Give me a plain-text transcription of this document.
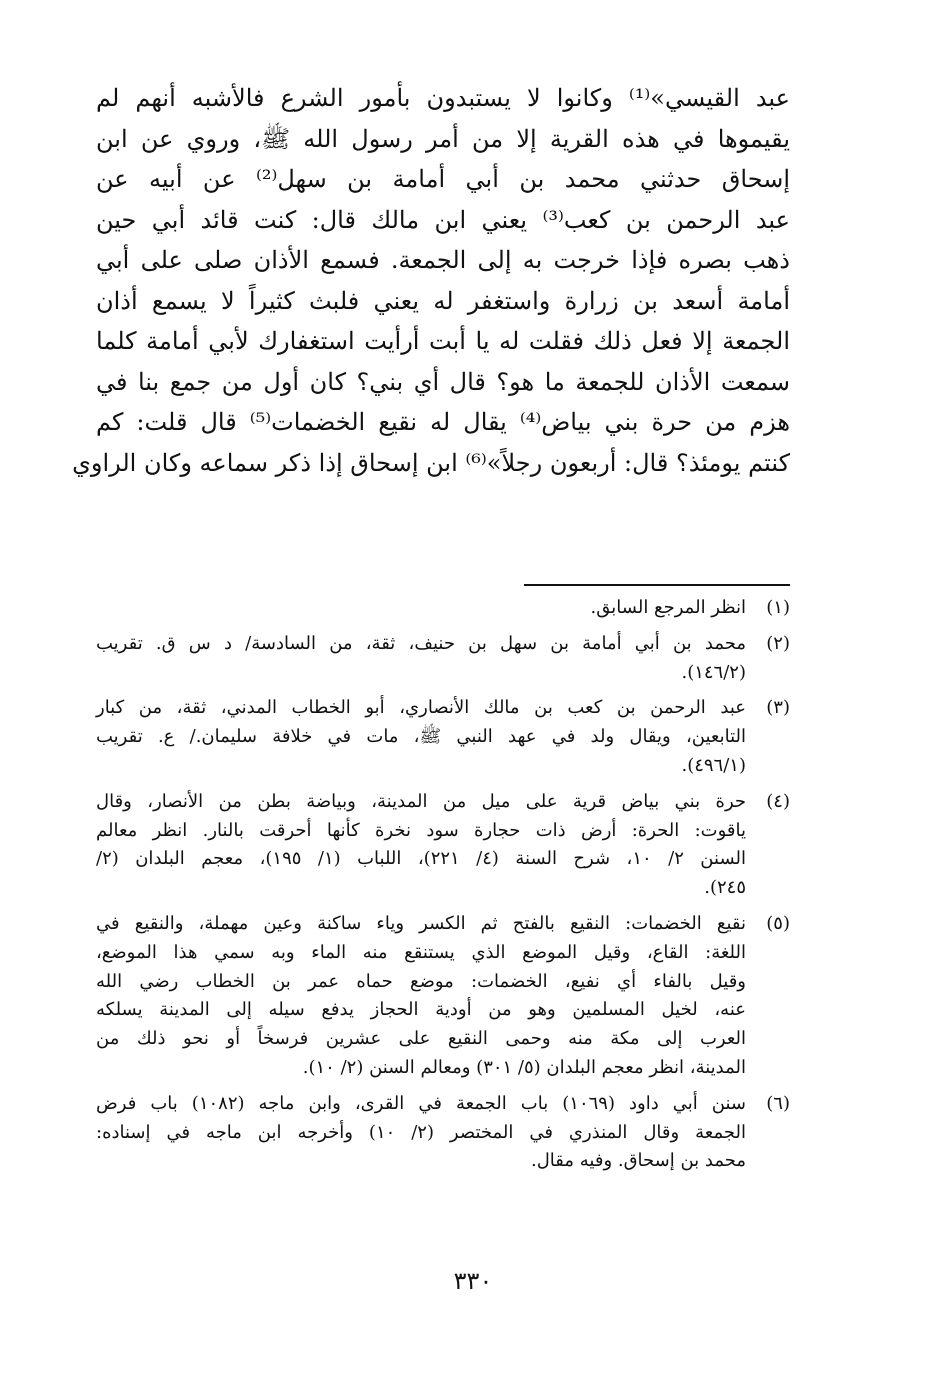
عبد القيسي»⁽¹⁾ وكانوا لا يستبدون بأمور الشرع فالأشبه أنهم لم
يقيموها في هذه القرية إلا من أمر رسول الله ﷺ، وروي عن ابن
إسحاق حدثني محمد بن أبي أمامة بن سهل⁽²⁾ عن أبيه عن
عبد الرحمن بن كعب⁽³⁾ يعني ابن مالك قال: كنت قائد أبي حين
ذهب بصره فإذا خرجت به إلى الجمعة. فسمع الأذان صلى على أبي
أمامة أسعد بن زرارة واستغفر له يعني فلبث كثيراً لا يسمع أذان
الجمعة إلا فعل ذلك فقلت له يا أبت أرأيت استغفارك لأبي أمامة كلما
سمعت الأذان للجمعة ما هو؟ قال أي بني؟ كان أول من جمع بنا في
هزم من حرة بني بياض⁽⁴⁾ يقال له نقيع الخضمات⁽⁵⁾ قال قلت: كم
كنتم يومئذ؟ قال: أربعون رجلاً»⁽⁶⁾ ابن إسحاق إذا ذكر سماعه وكان الراوي

(١)
انظر المرجع السابق.
(٢)
محمد بن أبي أمامة بن سهل بن حنيف، ثقة، من السادسة/ د س ق. تقريب
(١٤٦/٢).
(٣)
عبد الرحمن بن كعب بن مالك الأنصاري، أبو الخطاب المدني، ثقة، من كبار
التابعين، ويقال ولد في عهد النبي ﷺ، مات في خلافة سليمان./ ع. تقريب
(٤٩٦/١).
(٤)
حرة بني بياض قرية على ميل من المدينة، وبياضة بطن من الأنصار، وقال
ياقوت: الحرة: أرض ذات حجارة سود نخرة كأنها أحرقت بالنار. انظر معالم
السنن ٢/ ١٠، شرح السنة (٤/ ٢٢١)، اللباب (١/ ١٩٥)، معجم البلدان (٢/
٢٤٥).
(٥)
نقيع الخضمات: النقيع بالفتح ثم الكسر وياء ساكنة وعين مهملة، والنقيع في
اللغة: القاع، وقيل الموضع الذي يستنقع منه الماء وبه سمي هذا الموضع،
وقيل بالفاء أي نفيع، الخضمات: موضع حماه عمر بن الخطاب رضي الله
عنه، لخيل المسلمين وهو من أودية الحجاز يدفع سيله إلى المدينة يسلكه
العرب إلى مكة منه وحمى النقيع على عشرين فرسخاً أو نحو ذلك من
المدينة، انظر معجم البلدان (٥/ ٣٠١) ومعالم السنن (٢/ ١٠).
(٦)
سنن أبي داود (١٠٦٩) باب الجمعة في القرى، وابن ماجه (١٠٨٢) باب فرض
الجمعة وقال المنذري في المختصر (٢/ ١٠) وأخرجه ابن ماجه في إسناده:
محمد بن إسحاق. وفيه مقال.
٣٣٠
